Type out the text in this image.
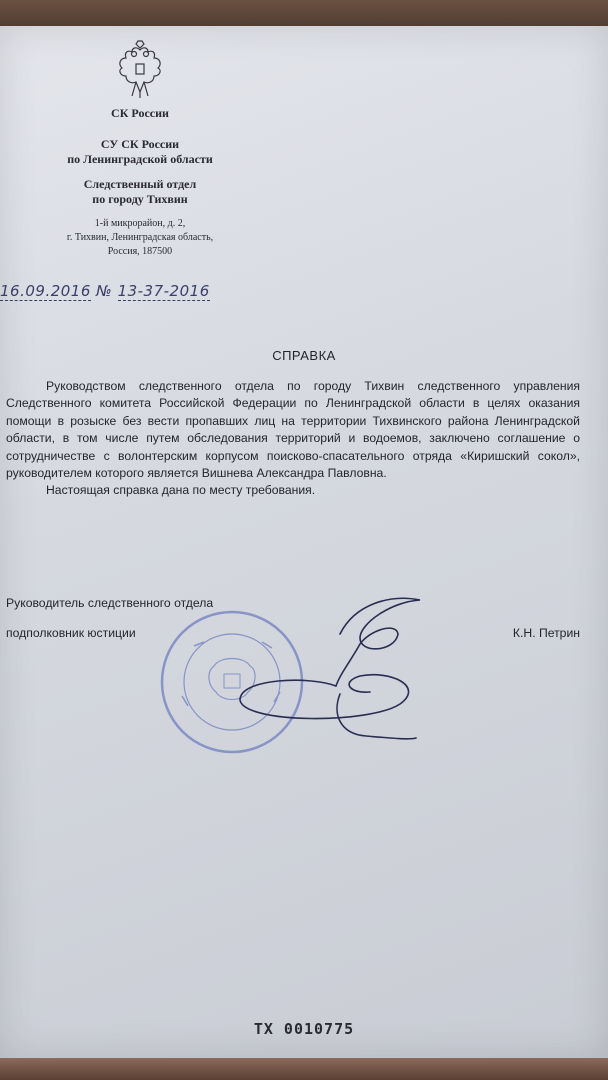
СК России
СУ СК России
по Ленинградской области
Следственный отдел
по городу Тихвин
1-й микрорайон, д. 2,
г. Тихвин, Ленинградская область,
Россия, 187500
16.09.2016 № 13-37-2016
СПРАВКА

Руководством следственного отдела по городу Тихвин следственного управления Следственного комитета Российской Федерации по Ленинградской области в целях оказания помощи в розыске без вести пропавших лиц на территории Тихвинского района Ленинградской области, в том числе путем обследования территорий и водоемов, заключено соглашение о сотрудничестве с волонтерским корпусом поисково-спасательного отряда «Киришский сокол», руководителем которого является Вишнева Александра Павловна.

Настоящая справка дана по месту требования.

Руководитель следственного отдела
подполковник юстиции	К.Н. Петрин
ТХ 0010775
